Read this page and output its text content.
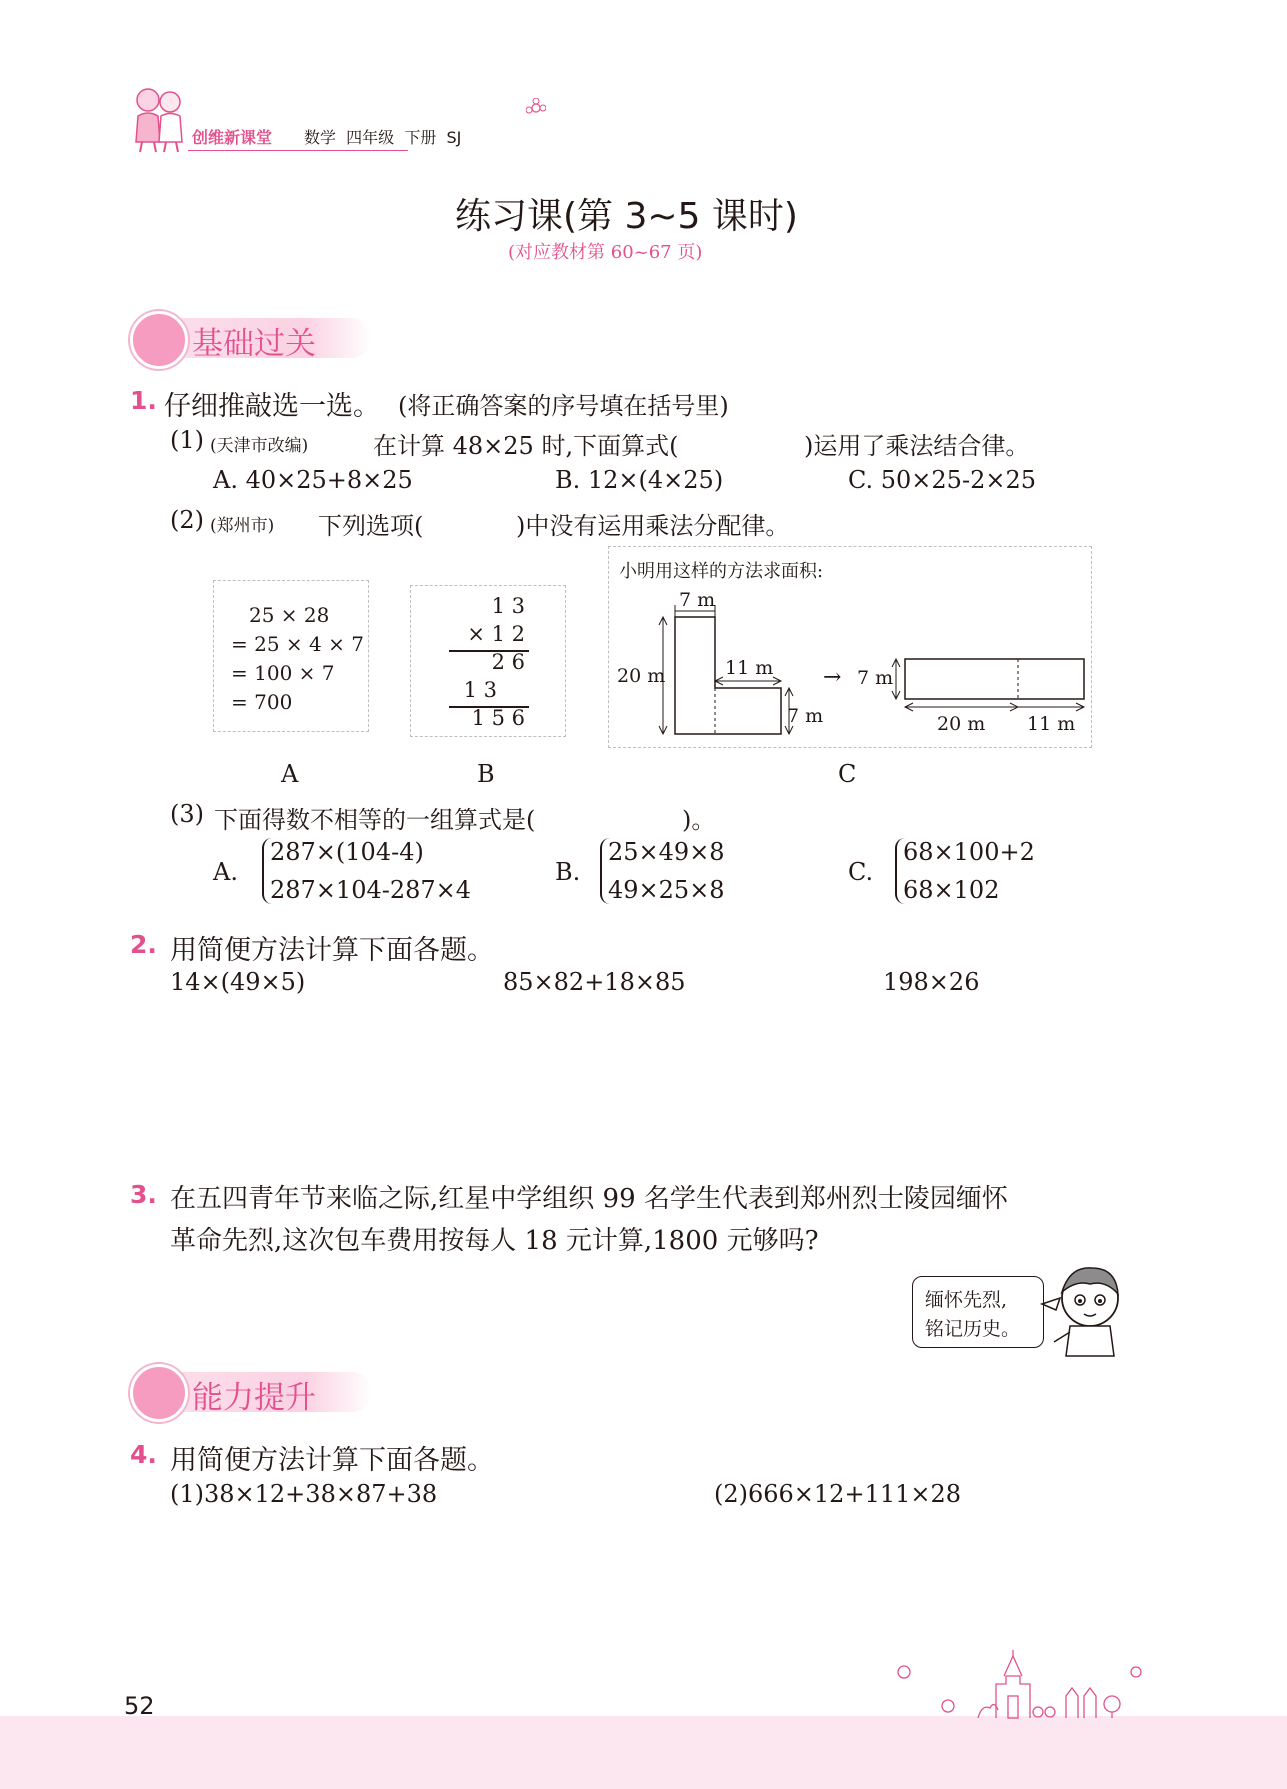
创维新课堂 数学  四年级  下册  SJ
练习课(第 3~5 课时)
(对应教材第 60~67 页)
基础过关
1. 仔细推敲选一选。 (将正确答案的序号填在括号里)
(1) (天津市改编)	在计算 48×25 时,下面算式(	)运用了乘法结合律。
A. 40×25+8×25	B. 12×(4×25)	C. 50×25-2×25
(2) (郑州市) 下列选项(	)中没有运用乘法分配律。
25 × 28
= 25 × 4 × 7
= 100 × 7
= 700
1 3
× 1 2
2 6
1 3
1 5 6
小明用这样的方法求面积:
7 m
20 m	11 m
7 m
→ 7 m
20 m 11 m
A	B	C
(3) 下面得数不相等的一组算式是(	)。
A.
287×(104-4)
287×104-287×4
B.
25×49×8
49×25×8
C.
68×100+2
68×102
2. 用简便方法计算下面各题。
14×(49×5)	85×82+18×85	198×26
3. 在五四青年节来临之际,红星中学组织 99 名学生代表到郑州烈士陵园缅怀
革命先烈,这次包车费用按每人 18 元计算,1800 元够吗?
缅怀先烈,
铭记历史。
能力提升
4. 用简便方法计算下面各题。
(1)38×12+38×87+38	(2)666×12+111×28
52
